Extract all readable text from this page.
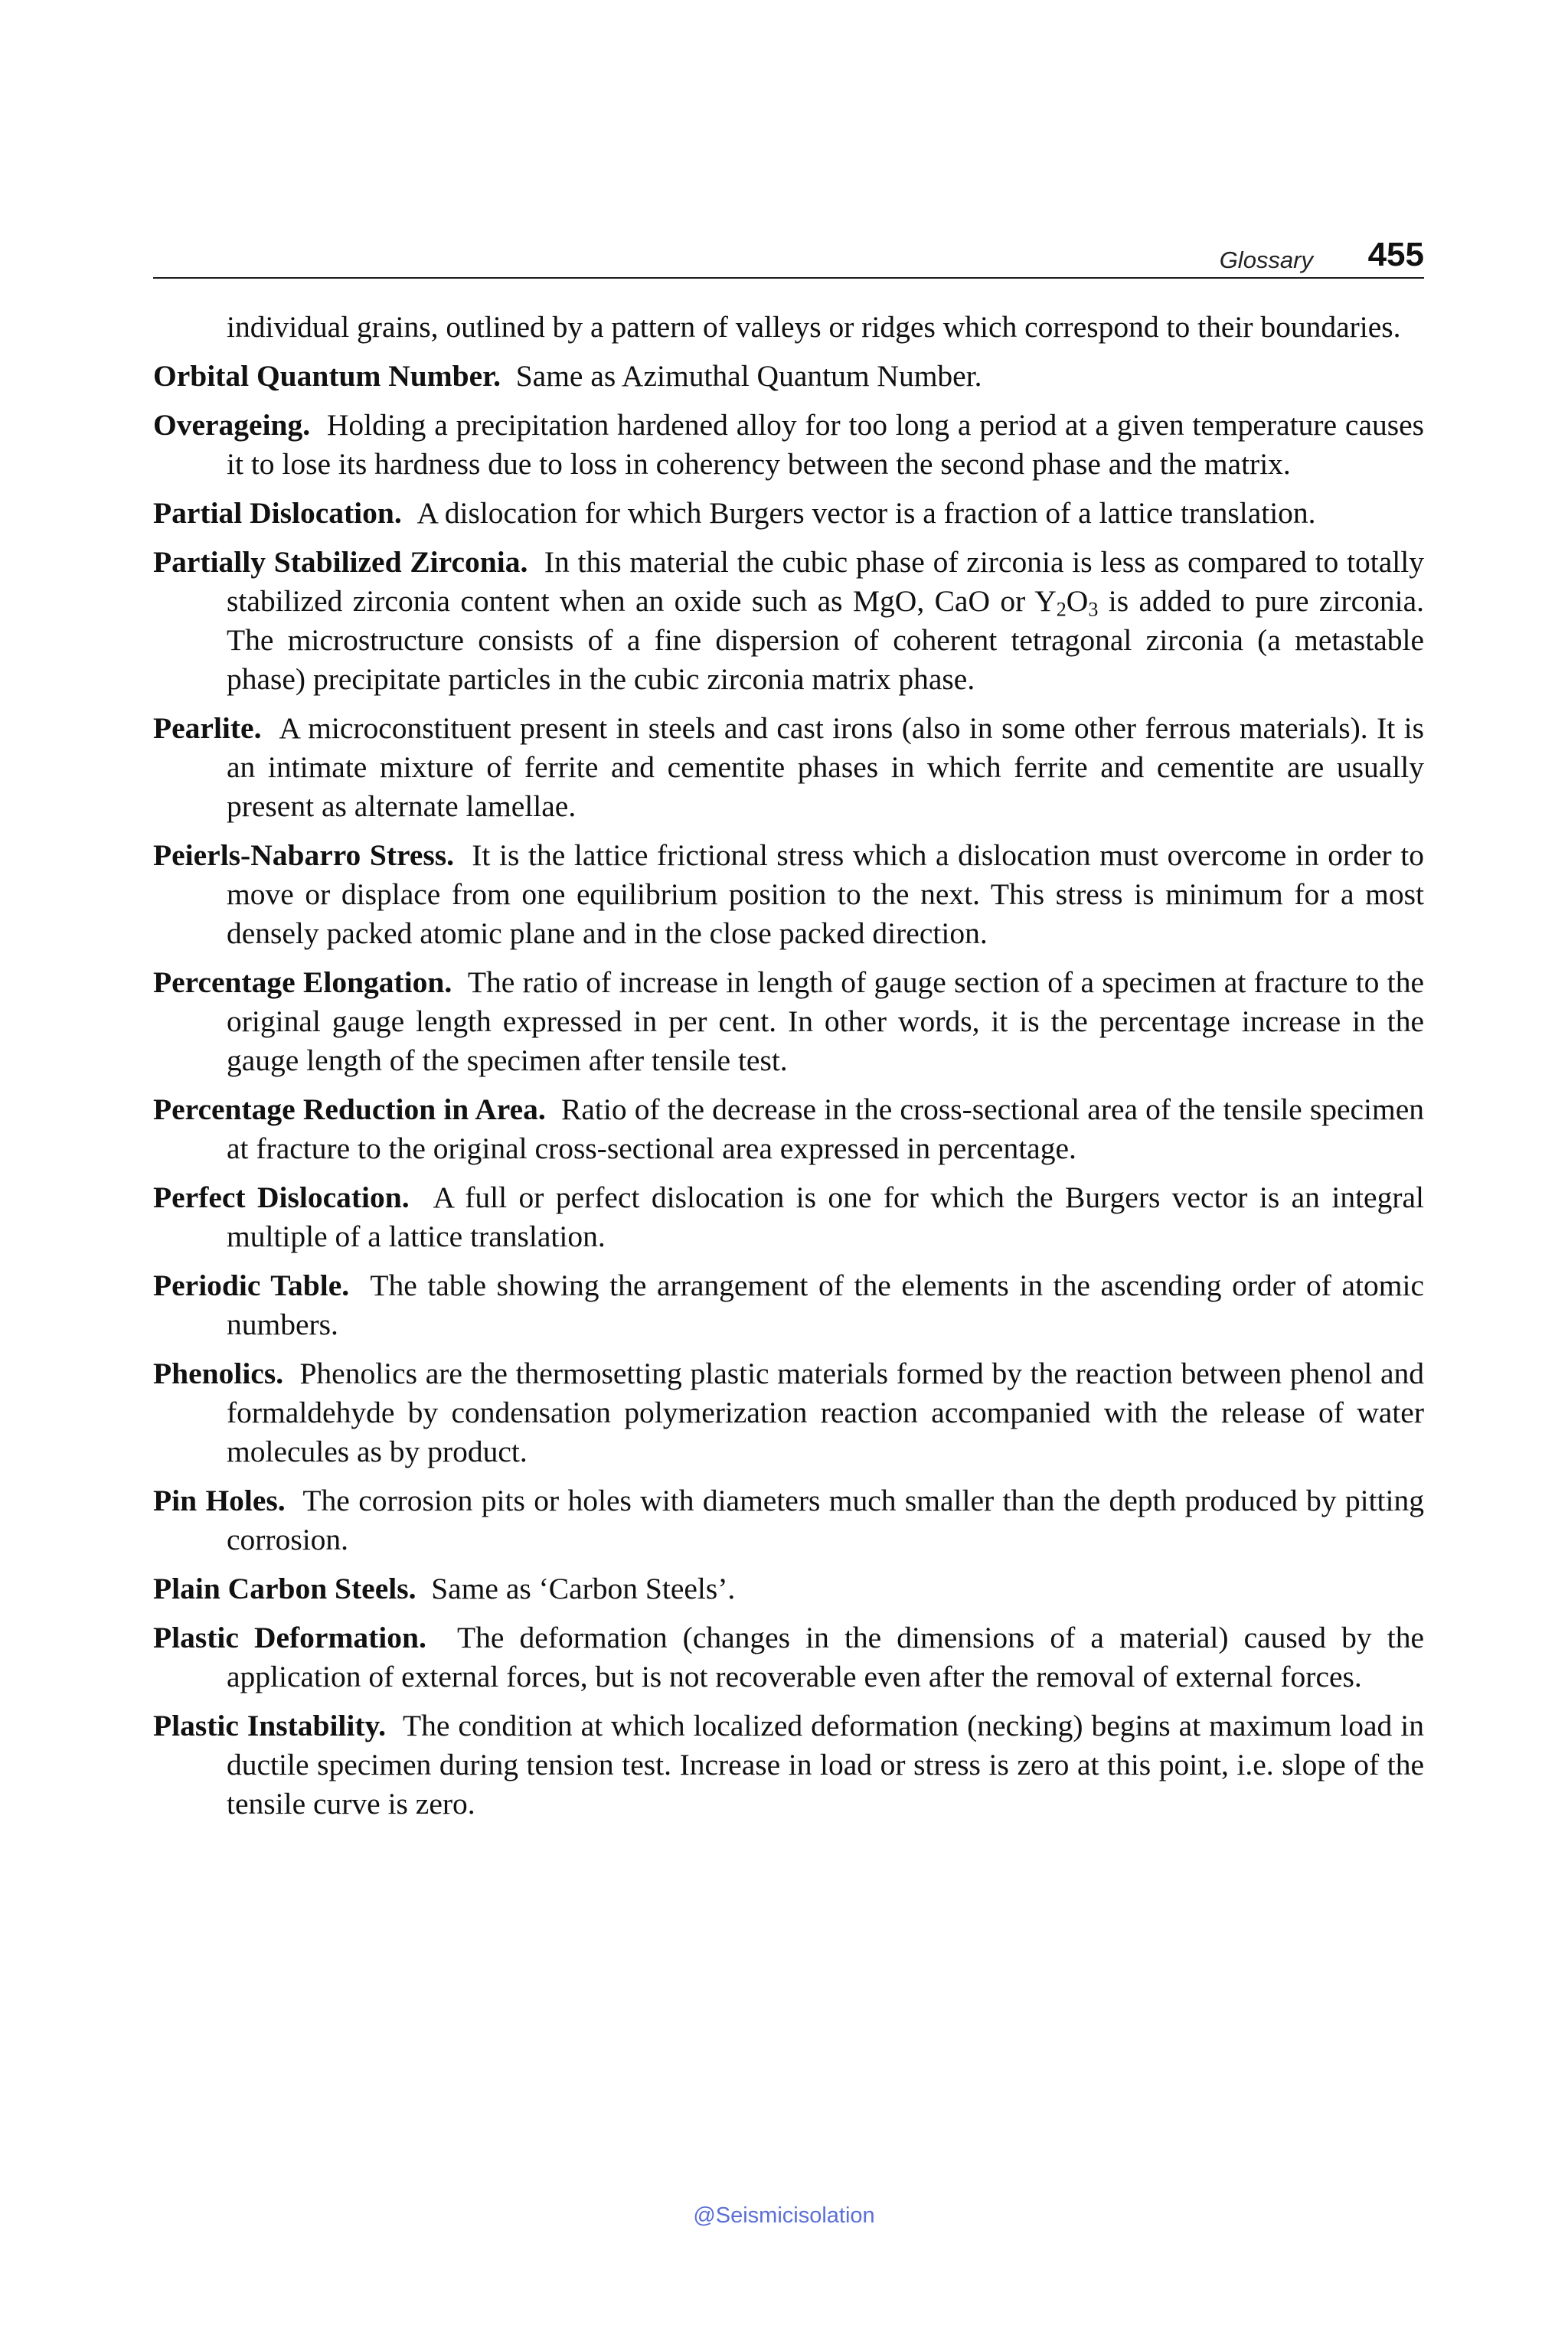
Glossary 455

individual grains, outlined by a pattern of valleys or ridges which correspond to their boundaries.

Orbital Quantum Number. Same as Azimuthal Quantum Number.

Overageing. Holding a precipitation hardened alloy for too long a period at a given temperature causes it to lose its hardness due to loss in coherency between the second phase and the matrix.

Partial Dislocation. A dislocation for which Burgers vector is a fraction of a lattice translation.

Partially Stabilized Zirconia. In this material the cubic phase of zirconia is less as compared to totally stabilized zirconia content when an oxide such as MgO, CaO or $Y_2O_3$ is added to pure zirconia. The microstructure consists of a fine dispersion of coherent tetragonal zirconia (a metastable phase) precipitate particles in the cubic zirconia matrix phase.

Pearlite. A microconstituent present in steels and cast irons (also in some other ferrous materials). It is an intimate mixture of ferrite and cementite phases in which ferrite and cementite are usually present as alternate lamellae.

Peierls-Nabarro Stress. It is the lattice frictional stress which a dislocation must overcome in order to move or displace from one equilibrium position to the next. This stress is minimum for a most densely packed atomic plane and in the close packed direction.

Percentage Elongation. The ratio of increase in length of gauge section of a specimen at fracture to the original gauge length expressed in per cent. In other words, it is the percentage increase in the gauge length of the specimen after tensile test.

Percentage Reduction in Area. Ratio of the decrease in the cross-sectional area of the tensile specimen at fracture to the original cross-sectional area expressed in percentage.

Perfect Dislocation. A full or perfect dislocation is one for which the Burgers vector is an integral multiple of a lattice translation.

Periodic Table. The table showing the arrangement of the elements in the ascending order of atomic numbers.

Phenolics. Phenolics are the thermosetting plastic materials formed by the reaction between phenol and formaldehyde by condensation polymerization reaction accompanied with the release of water molecules as by product.

Pin Holes. The corrosion pits or holes with diameters much smaller than the depth produced by pitting corrosion.

Plain Carbon Steels. Same as ‘Carbon Steels’.

Plastic Deformation. The deformation (changes in the dimensions of a material) caused by the application of external forces, but is not recoverable even after the removal of external forces.

Plastic Instability. The condition at which localized deformation (necking) begins at maximum load in ductile specimen during tension test. Increase in load or stress is zero at this point, i.e. slope of the tensile curve is zero.

@Seismicisolation
